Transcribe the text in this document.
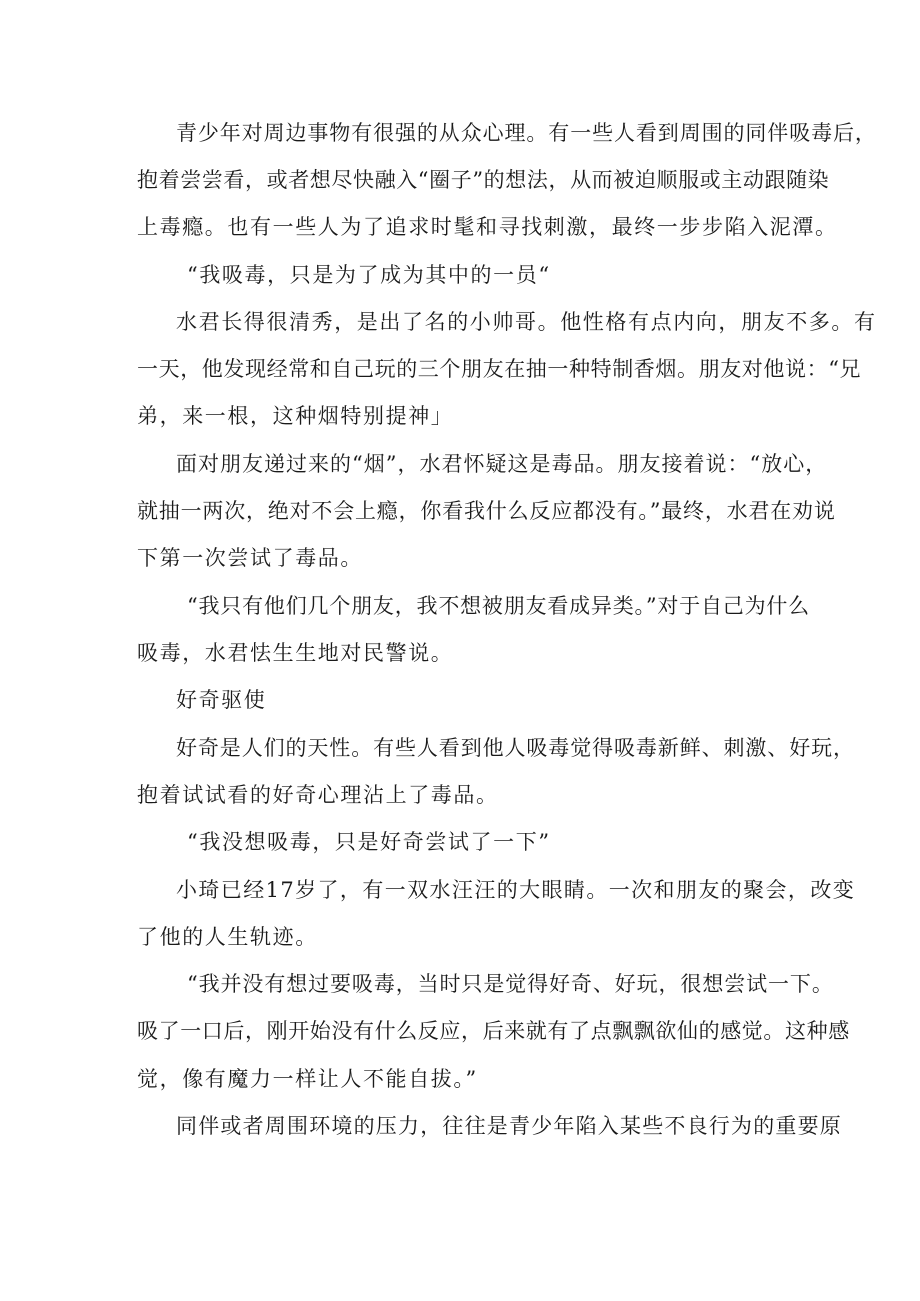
青少年对周边事物有很强的从众心理。有一些人看到周围的同伴吸毒后，
抱着尝尝看，或者想尽快融入“圈子”的想法，从而被迫顺服或主动跟随染
上毒瘾。也有一些人为了追求时髦和寻找刺激，最终一步步陷入泥潭。
“我吸毒，只是为了成为其中的一员“
水君长得很清秀，是出了名的小帅哥。他性格有点内向，朋友不多。有
一天，他发现经常和自己玩的三个朋友在抽一种特制香烟。朋友对他说：“兄
弟，来一根，这种烟特别提神」
面对朋友递过来的“烟”，水君怀疑这是毒品。朋友接着说：“放心，
就抽一两次，绝对不会上瘾，你看我什么反应都没有。”最终，水君在劝说
下第一次尝试了毒品。
“我只有他们几个朋友，我不想被朋友看成异类。”对于自己为什么
吸毒，水君怯生生地对民警说。
好奇驱使
好奇是人们的天性。有些人看到他人吸毒觉得吸毒新鲜、刺激、好玩，
抱着试试看的好奇心理沾上了毒品。
“我没想吸毒，只是好奇尝试了一下”
小琦已经17岁了，有一双水汪汪的大眼睛。一次和朋友的聚会，改变
了他的人生轨迹。
“我并没有想过要吸毒，当时只是觉得好奇、好玩，很想尝试一下。
吸了一口后，刚开始没有什么反应，后来就有了点飘飘欲仙的感觉。这种感
觉，像有魔力一样让人不能自拔。”
同伴或者周围环境的压力，往往是青少年陷入某些不良行为的重要原
